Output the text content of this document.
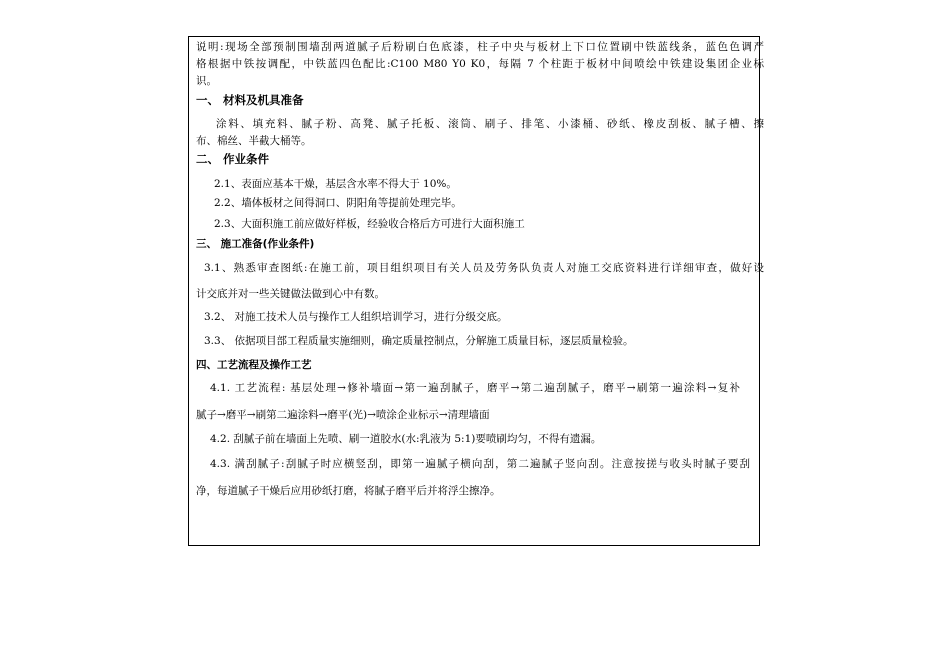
说明:现场全部预制围墙刮两道腻子后粉刷白色底漆，柱子中央与板材上下口位置刷中铁蓝线条，蓝色色调严
格根据中铁按调配，中铁蓝四色配比:C100 M80 Y0 K0，每隔 7 个柱距于板材中间喷绘中铁建设集团企业标
识。
一、 材料及机具准备
涂料、填充料、腻子粉、高凳、腻子托板、滚筒、刷子、排笔、小漆桶、砂纸、橡皮刮板、腻子槽、擦
布、棉丝、半截大桶等。
二、 作业条件
2.1、表面应基本干燥，基层含水率不得大于 10%。
2.2、墙体板材之间得洞口、阴阳角等提前处理完毕。
2.3、大面积施工前应做好样板，经验收合格后方可进行大面积施工
三、 施工准备(作业条件)
3.1、熟悉审查图纸:在施工前，项目组织项目有关人员及劳务队负责人对施工交底资料进行详细审查，做好设
计交底并对一些关键做法做到心中有数。
3.2、 对施工技术人员与操作工人组织培训学习，进行分级交底。
3.3、 依据项目部工程质量实施细则，确定质量控制点，分解施工质量目标，逐层质量检验。
四、工艺流程及操作工艺
4.1. 工艺流程: 基层处理→修补墙面→第一遍刮腻子，磨平→第二遍刮腻子，磨平→刷第一遍涂料→复补
腻子→磨平→刷第二遍涂料→磨平(光)→喷涂企业标示→清理墙面
4.2. 刮腻子前在墙面上先喷、刷一道胶水(水:乳液为 5:1)要喷刷均匀，不得有遗漏。
4.3. 满刮腻子:刮腻子时应横竖刮，即第一遍腻子横向刮，第二遍腻子竖向刮。注意按搓与收头时腻子要刮
净，每道腻子干燥后应用砂纸打磨，将腻子磨平后并将浮尘擦净。
